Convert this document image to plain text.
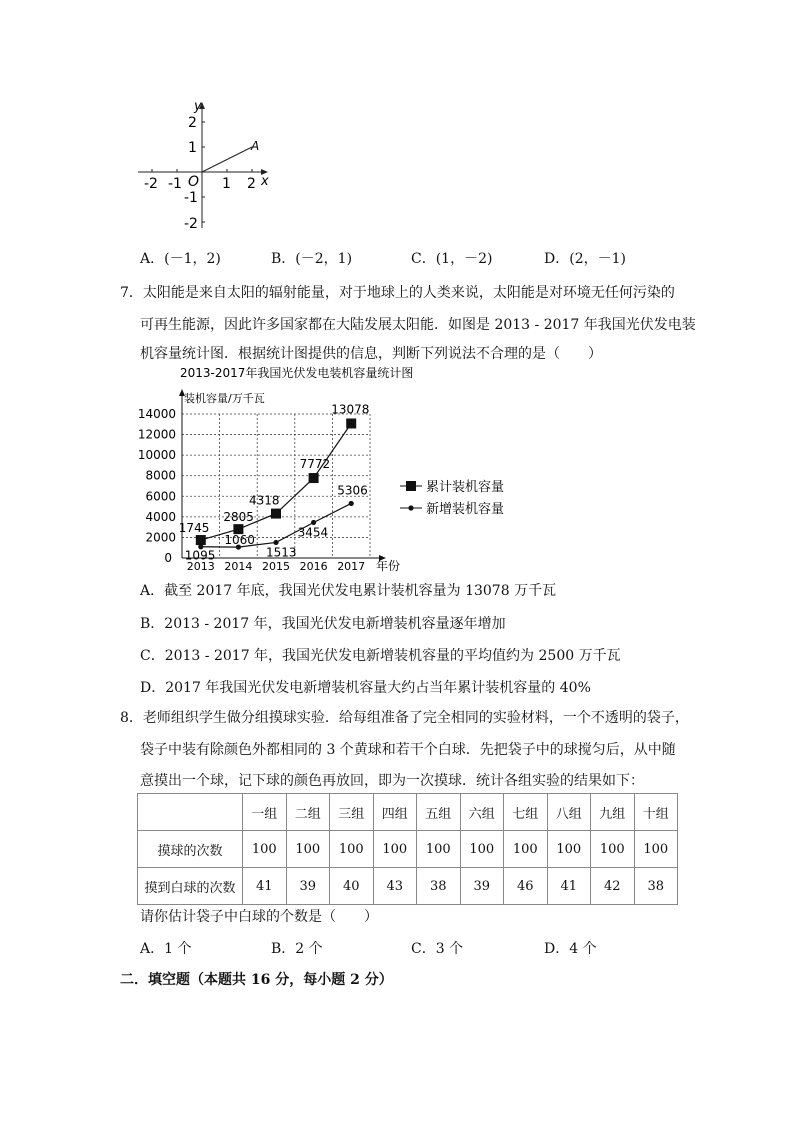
y
x
O
A
-2 -1	1 2
2
1
-1
-2
A．(－1，2)	B．(－2，1)	C．(1，－2)	D．(2，－1)
7．太阳能是来自太阳的辐射能量，对于地球上的人类来说，太阳能是对环境无任何污染的
可再生能源，因此许多国家都在大陆发展太阳能．如图是 2013 - 2017 年我国光伏发电装
机容量统计图．根据统计图提供的信息，判断下列说法不合理的是（　　）
2013-2017年我国光伏发电装机容量统计图
装机容量/万千瓦
年份
0
2000
4000
6000
8000
10000
12000
14000
2013 2014 2015 2016 2017
1745
2805
4318
7772
13078
1095
1060
1513
3454
5306	累计装机容量
新增装机容量
A．截至 2017 年底，我国光伏发电累计装机容量为 13078 万千瓦
B．2013 - 2017 年，我国光伏发电新增装机容量逐年增加
C．2013 - 2017 年，我国光伏发电新增装机容量的平均值约为 2500 万千瓦
D．2017 年我国光伏发电新增装机容量大约占当年累计装机容量的 40%
8．老师组织学生做分组摸球实验．给每组准备了完全相同的实验材料，一个不透明的袋子，
袋子中装有除颜色外都相同的 3 个黄球和若干个白球．先把袋子中的球搅匀后，从中随
意摸出一个球，记下球的颜色再放回，即为一次摸球．统计各组实验的结果如下：
	一组	二组	三组	四组	五组	六组	七组	八组	九组	十组
摸球的次数	100	100	100	100	100	100	100	100	100	100
摸到白球的次数	41	39	40	43	38	39	46	41	42	38
请你估计袋子中白球的个数是（　　）
A．1 个	B．2 个	C．3 个	D．4 个
二．填空题（本题共 16 分，每小题 2 分）
